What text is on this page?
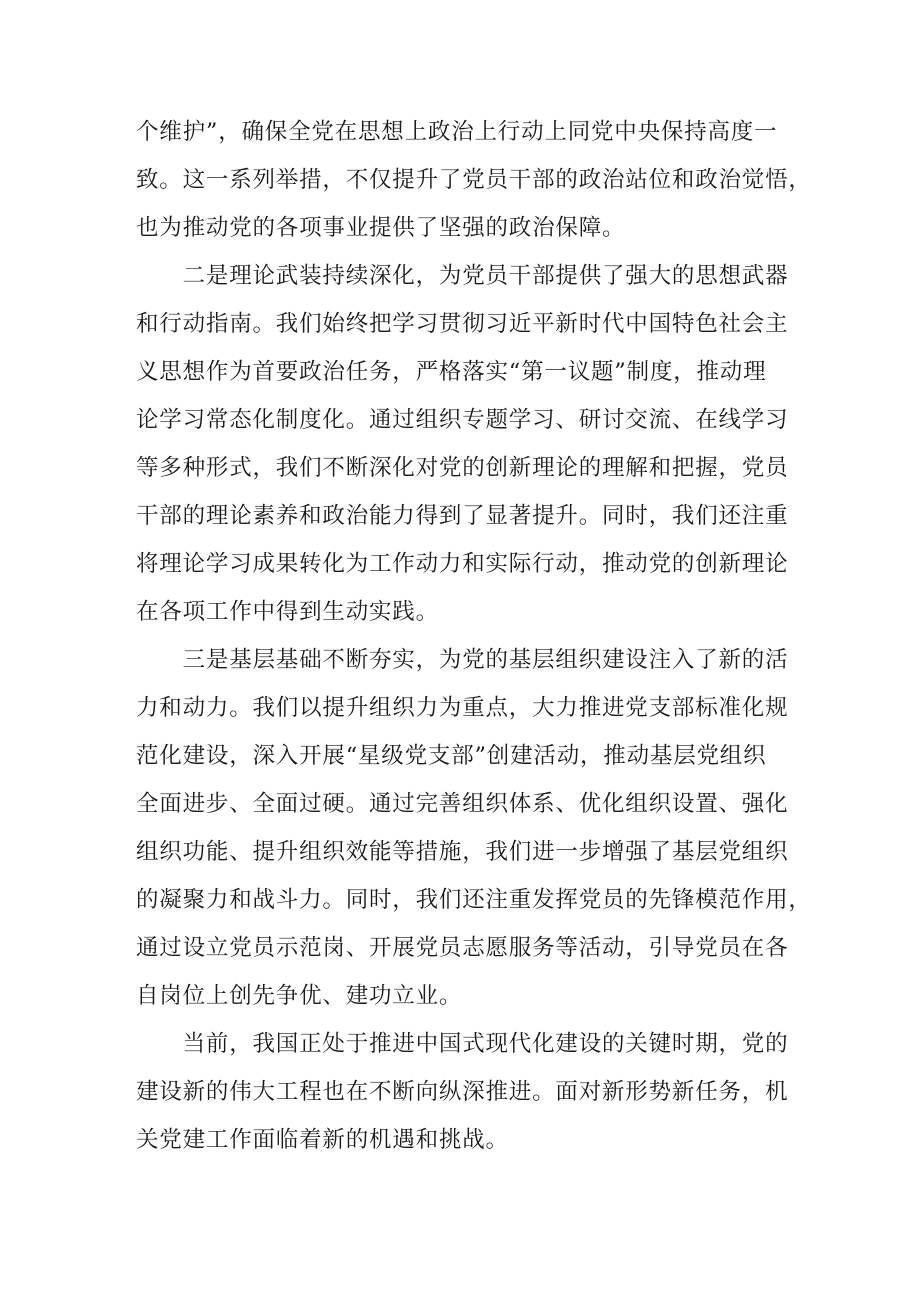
个维护”，确保全党在思想上政治上行动上同党中央保持高度一
致。这一系列举措，不仅提升了党员干部的政治站位和政治觉悟，
也为推动党的各项事业提供了坚强的政治保障。
　　二是理论武装持续深化，为党员干部提供了强大的思想武器
和行动指南。我们始终把学习贯彻习近平新时代中国特色社会主
义思想作为首要政治任务，严格落实“第一议题”制度，推动理
论学习常态化制度化。通过组织专题学习、研讨交流、在线学习
等多种形式，我们不断深化对党的创新理论的理解和把握，党员
干部的理论素养和政治能力得到了显著提升。同时，我们还注重
将理论学习成果转化为工作动力和实际行动，推动党的创新理论
在各项工作中得到生动实践。
　　三是基层基础不断夯实，为党的基层组织建设注入了新的活
力和动力。我们以提升组织力为重点，大力推进党支部标准化规
范化建设，深入开展“星级党支部”创建活动，推动基层党组织
全面进步、全面过硬。通过完善组织体系、优化组织设置、强化
组织功能、提升组织效能等措施，我们进一步增强了基层党组织
的凝聚力和战斗力。同时，我们还注重发挥党员的先锋模范作用，
通过设立党员示范岗、开展党员志愿服务等活动，引导党员在各
自岗位上创先争优、建功立业。
　　当前，我国正处于推进中国式现代化建设的关键时期，党的
建设新的伟大工程也在不断向纵深推进。面对新形势新任务，机
关党建工作面临着新的机遇和挑战。
